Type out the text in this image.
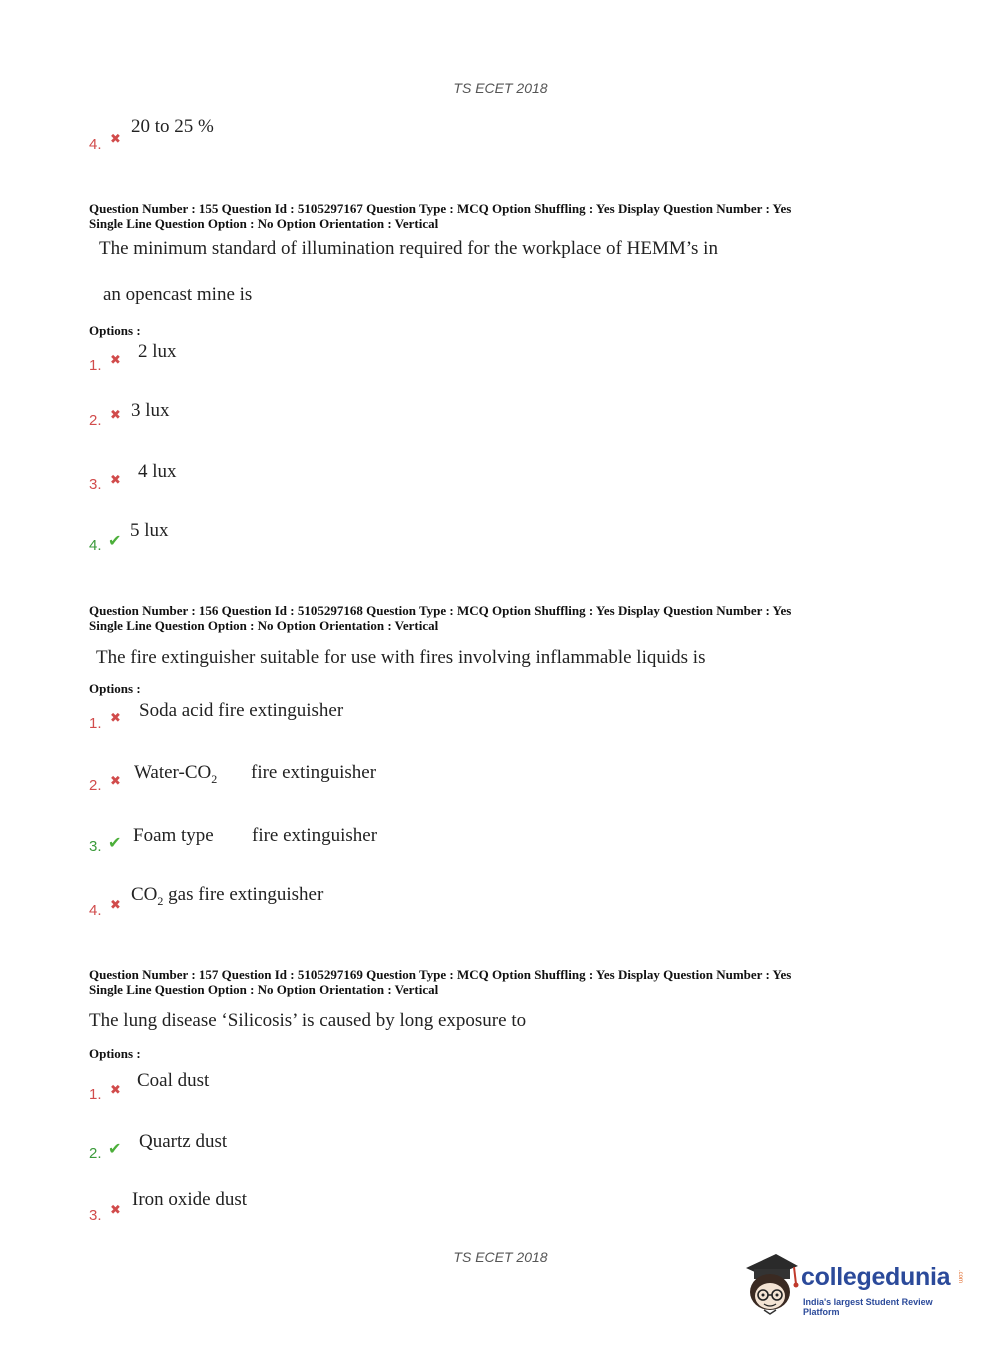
TS ECET 2018
4. ✖
20 to 25 %
Question Number : 155 Question Id : 5105297167 Question Type : MCQ Option Shuffling : Yes Display Question Number : Yes
Single Line Question Option : No Option Orientation : Vertical
The minimum standard of illumination required for the workplace of HEMM’s in
an opencast mine is
Options :
1. ✖ 2 lux
2. ✖ 3 lux
3. ✖ 4 lux
4. ✔ 5 lux
Question Number : 156 Question Id : 5105297168 Question Type : MCQ Option Shuffling : Yes Display Question Number : Yes
Single Line Question Option : No Option Orientation : Vertical
The fire extinguisher suitable for use with fires involving inflammable liquids is
Options :
1. ✖ Soda acid fire extinguisher
2. ✖ Water-$CO_2$ fire extinguisher
3. ✔ Foam type fire extinguisher
4. ✖
$CO_2$ gas fire extinguisher
Question Number : 157 Question Id : 5105297169 Question Type : MCQ Option Shuffling : Yes Display Question Number : Yes
Single Line Question Option : No Option Orientation : Vertical
The lung disease ‘Silicosis’ is caused by long exposure to
Options :
1. ✖ Coal dust
2. ✔ Quartz dust
3. ✖
Iron oxide dust
TS ECET 2018
collegedunia .com
India's largest Student Review Platform
